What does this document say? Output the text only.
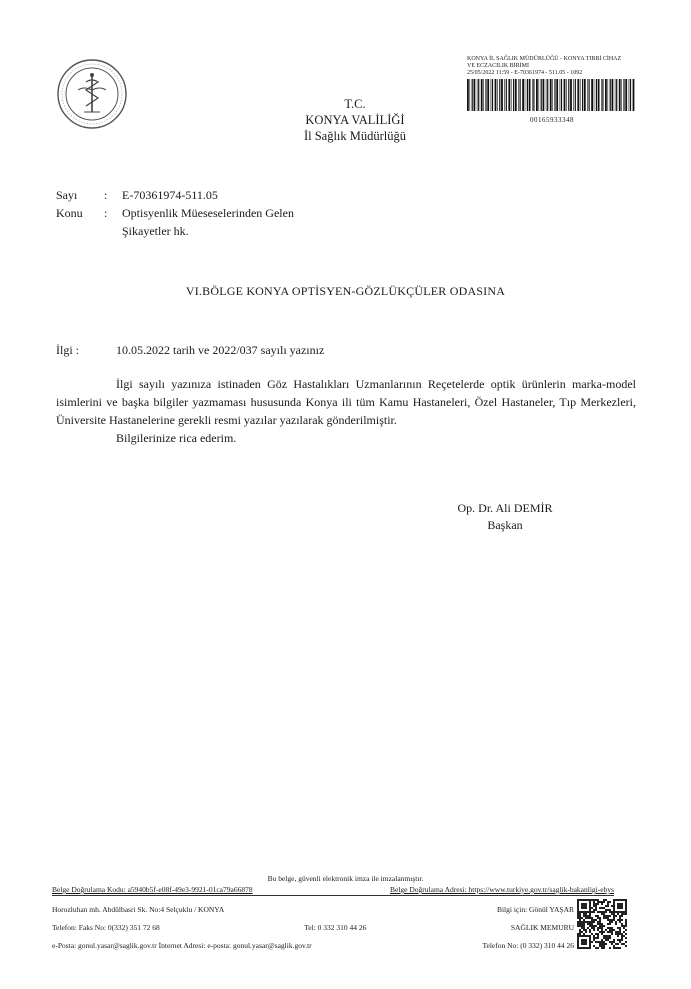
T.C.
KONYA VALİLİĞİ
İl Sağlık Müdürlüğü
KONYA İL SAĞLIK MÜDÜRLÜĞÜ - KONYA TIBBİ CİHAZ
VE ECZACILIK BİRİMİ
25/05/2022 11:59 - E-70361974 - 511.05 - 1092
00165933348
Sayı	:	E-70361974-511.05
Konu	:	Optisyenlik Müeseselerinden Gelen
Şikayetler hk.
VI.BÖLGE KONYA OPTİSYEN-GÖZLÜKÇÜLER ODASINA
İlgi :	10.05.2022 tarih ve 2022/037 sayılı yazınız

İlgi sayılı yazınıza istinaden Göz Hastalıkları Uzmanlarının Reçetelerde optik ürünlerin marka-model isimlerini ve başka bilgiler yazmaması hususunda Konya ili tüm Kamu Hastaneleri, Özel Hastaneler, Tıp Merkezleri, Üniversite Hastanelerine gerekli resmi yazılar yazılarak gönderilmiştir.

Bilgilerinize rica ederim.

Op. Dr. Ali DEMİR
Başkan
Bu belge, güvenli elektronik imza ile imzalanmıştır.
Belge Doğrulama Kodu: a5940b5f-e08f-49e3-9921-01ca79a66878	Belge Doğrulama Adresi: https://www.turkiye.gov.tr/saglik-bakanligi-ebys
Horozluhan mh. Abdülbasri Sk. No:4 Selçuklu / KONYA	Bilgi için: Gönül YAŞAR
Telefon: Faks No: 0(332) 351 72 68	Tel: 0 332 310 44 26	SAĞLIK MEMURU
e-Posta: gonul.yasar@saglik.gov.tr İnternet Adresi: e-posta: gonul.yasar@saglik.gov.tr	Telefon No: (0 332) 310 44 26
